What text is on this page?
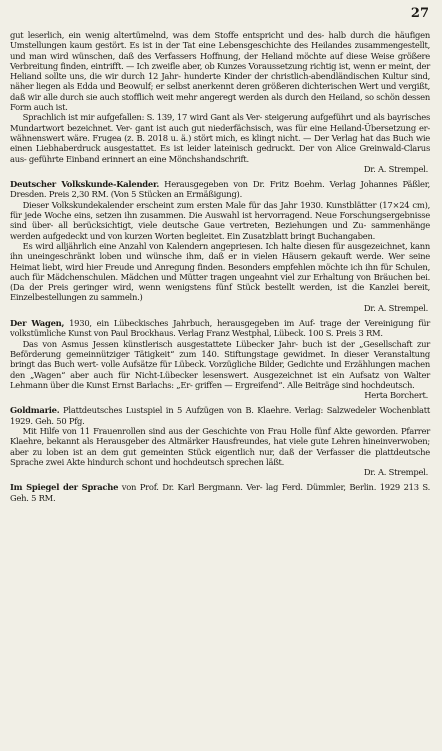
27

gut leserlich, ein wenig altertümelnd, was dem Stoffe entspricht und des- halb durch die häufigen Umstellungen kaum gestört. Es ist in der Tat eine Lebensgeschichte des Heilandes zusammengestellt, und man wird wünschen, daß des Verfassers Hoffnung, der Heliand möchte auf diese Weise größere Verbreitung finden, eintrifft. — Ich zweifle aber, ob Kunzes Voraussetzung richtig ist, wenn er meint, der Heliand sollte uns, die wir durch 12 Jahr- hunderte Kinder der christlich-abendländischen Kultur sind, näher liegen als Edda und Beowulf; er selbst anerkennt deren größeren dichterischen Wert und vergißt, daß wir alle durch sie auch stofflich weit mehr angeregt werden als durch den Heiland, so schön dessen Form auch ist.

Sprachlich ist mir aufgefallen: S. 139, 17 wird Gant als Ver- steigerung aufgeführt und als bayrisches Mundartwort bezeichnet. Ver- gant ist auch gut niederfächsisch, was für eine Heiland-Übersetzung er- wähnenswert wäre. Frugea (z. B. 2018 u. ä.) stört mich, es klingt nicht. — Der Verlag hat das Buch wie einen Liebhaberdruck ausgestattet. Es ist leider lateinisch gedruckt. Der von Alice Greinwald-Clarus aus- geführte Einband erinnert an eine Mönchshandschrift.

Dr. A. Strempel.

Deutscher Volkskunde-Kalender. Herausgegeben von Dr. Fritz Boehm. Verlag Johannes Päßler, Dresden. Preis 2,30 RM. (Von 5 Stücken an Ermäßigung).

Dieser Volkskundekalender erscheint zum ersten Male für das Jahr 1930. Kunstblätter (17×24 cm), für jede Woche eins, setzen ihn zusammen. Die Auswahl ist hervorragend. Neue Forschungsergebnisse sind über- all berücksichtigt, viele deutsche Gaue vertreten, Beziehungen und Zu- sammenhänge werden aufgedeckt und von kurzen Worten begleitet. Ein Zusatzblatt bringt Buchangaben.

Es wird alljährlich eine Anzahl von Kalendern angepriesen. Ich halte diesen für ausgezeichnet, kann ihn uneingeschränkt loben und wünsche ihm, daß er in vielen Häusern gekauft werde. Wer seine Heimat liebt, wird hier Freude und Anregung finden. Besonders empfehlen möchte ich ihn für Schulen, auch für Mädchenschulen. Mädchen und Mütter tragen ungeahnt viel zur Erhaltung von Bräuchen bei. (Da der Preis geringer wird, wenn wenigstens fünf Stück bestellt werden, ist die Kanzlei bereit, Einzelbestellungen zu sammeln.)

Dr. A. Strempel.

Der Wagen, 1930, ein Lübeckisches Jahrbuch, herausgegeben im Auf- trage der Vereinigung für volkstümliche Kunst von Paul Brockhaus. Verlag Franz Westphal, Lübeck. 100 S. Preis 3 RM.

Das von Asmus Jessen künstlerisch ausgestattete Lübecker Jahr- buch ist der „Gesellschaft zur Beförderung gemeinnütziger Tätigkeit“ zum 140. Stiftungstage gewidmet. In dieser Veranstaltung bringt das Buch wert- volle Aufsätze für Lübeck. Vorzügliche Bilder, Gedichte und Erzählungen machen den „Wagen“ aber auch für Nicht-Lübecker lesenswert. Ausgezeichnet ist ein Aufsatz von Walter Lehmann über die Kunst Ernst Barlachs: „Er- griffen — Ergreifend“. Alle Beiträge sind hochdeutsch.

Herta Borchert.

Goldmarie. Plattdeutsches Lustspiel in 5 Aufzügen von B. Klaehre. Verlag: Salzwedeler Wochenblatt 1929. Geh. 50 Pfg.

Mit Hilfe von 11 Frauenrollen sind aus der Geschichte von Frau Holle fünf Akte geworden. Pfarrer Klaehre, bekannt als Herausgeber des Altmärker Hausfreundes, hat viele gute Lehren hineinverwoben; aber zu loben ist an dem gut gemeinten Stück eigentlich nur, daß der Verfasser die plattdeutsche Sprache zwei Akte hindurch schont und hochdeutsch sprechen läßt.

Dr. A. Strempel.

Im Spiegel der Sprache von Prof. Dr. Karl Bergmann. Ver- lag Ferd. Dümmler, Berlin. 1929 213 S. Geh. 5 RM.
